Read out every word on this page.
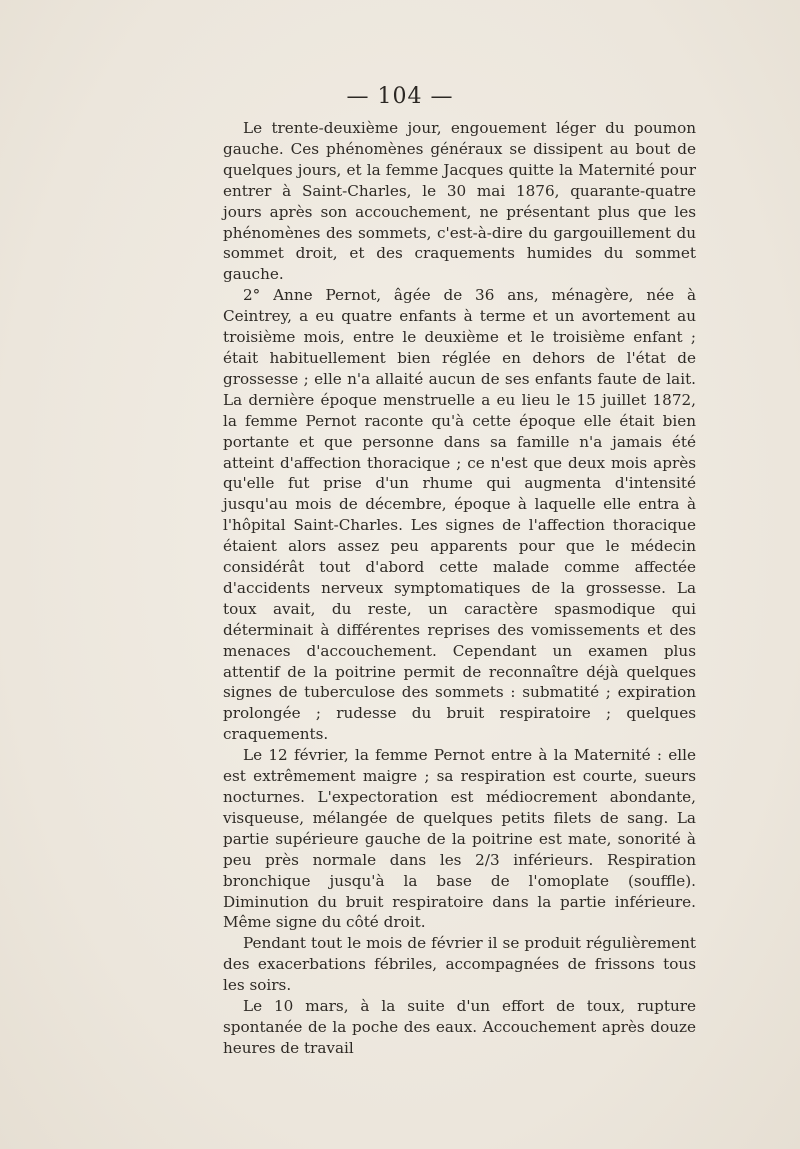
— 104 —

Le trente-deuxième jour, engouement léger du poumon gauche. Ces phénomènes généraux se dissipent au bout de quelques jours, et la femme Jacques quitte la Maternité pour entrer à Saint-Charles, le 30 mai 1876, quarante-quatre jours après son accouchement, ne présentant plus que les phénomènes des sommets, c'est-à-dire du gargouillement du sommet droit, et des craquements humides du sommet gauche.

2° Anne Pernot, âgée de 36 ans, ménagère, née à Ceintrey, a eu quatre enfants à terme et un avortement au troisième mois, entre le deuxième et le troisième enfant ; était habituellement bien réglée en dehors de l'état de grossesse ; elle n'a allaité aucun de ses enfants faute de lait. La dernière époque menstruelle a eu lieu le 15 juillet 1872, la femme Pernot raconte qu'à cette époque elle était bien portante et que personne dans sa famille n'a jamais été atteint d'affection thoracique ; ce n'est que deux mois après qu'elle fut prise d'un rhume qui augmenta d'intensité jusqu'au mois de décembre, époque à laquelle elle entra à l'hôpital Saint-Charles. Les signes de l'affection thoracique étaient alors assez peu apparents pour que le médecin considérât tout d'abord cette malade comme affectée d'accidents nerveux symptomatiques de la grossesse. La toux avait, du reste, un caractère spasmodique qui déterminait à différentes reprises des vomissements et des menaces d'accouchement. Cependant un examen plus attentif de la poitrine permit de reconnaître déjà quelques signes de tuberculose des sommets : submatité ; expiration prolongée ; rudesse du bruit respiratoire ; quelques craquements.

Le 12 février, la femme Pernot entre à la Maternité : elle est extrêmement maigre ; sa respiration est courte, sueurs nocturnes. L'expectoration est médiocrement abondante, visqueuse, mélangée de quelques petits filets de sang. La partie supérieure gauche de la poitrine est mate, sonorité à peu près normale dans les 2/3 inférieurs. Respiration bronchique jusqu'à la base de l'omoplate (souffle). Diminution du bruit respiratoire dans la partie inférieure. Même signe du côté droit.

Pendant tout le mois de février il se produit régulièrement des exacerbations fébriles, accompagnées de frissons tous les soirs.

Le 10 mars, à la suite d'un effort de toux, rupture spontanée de la poche des eaux. Accouchement après douze heures de travail
